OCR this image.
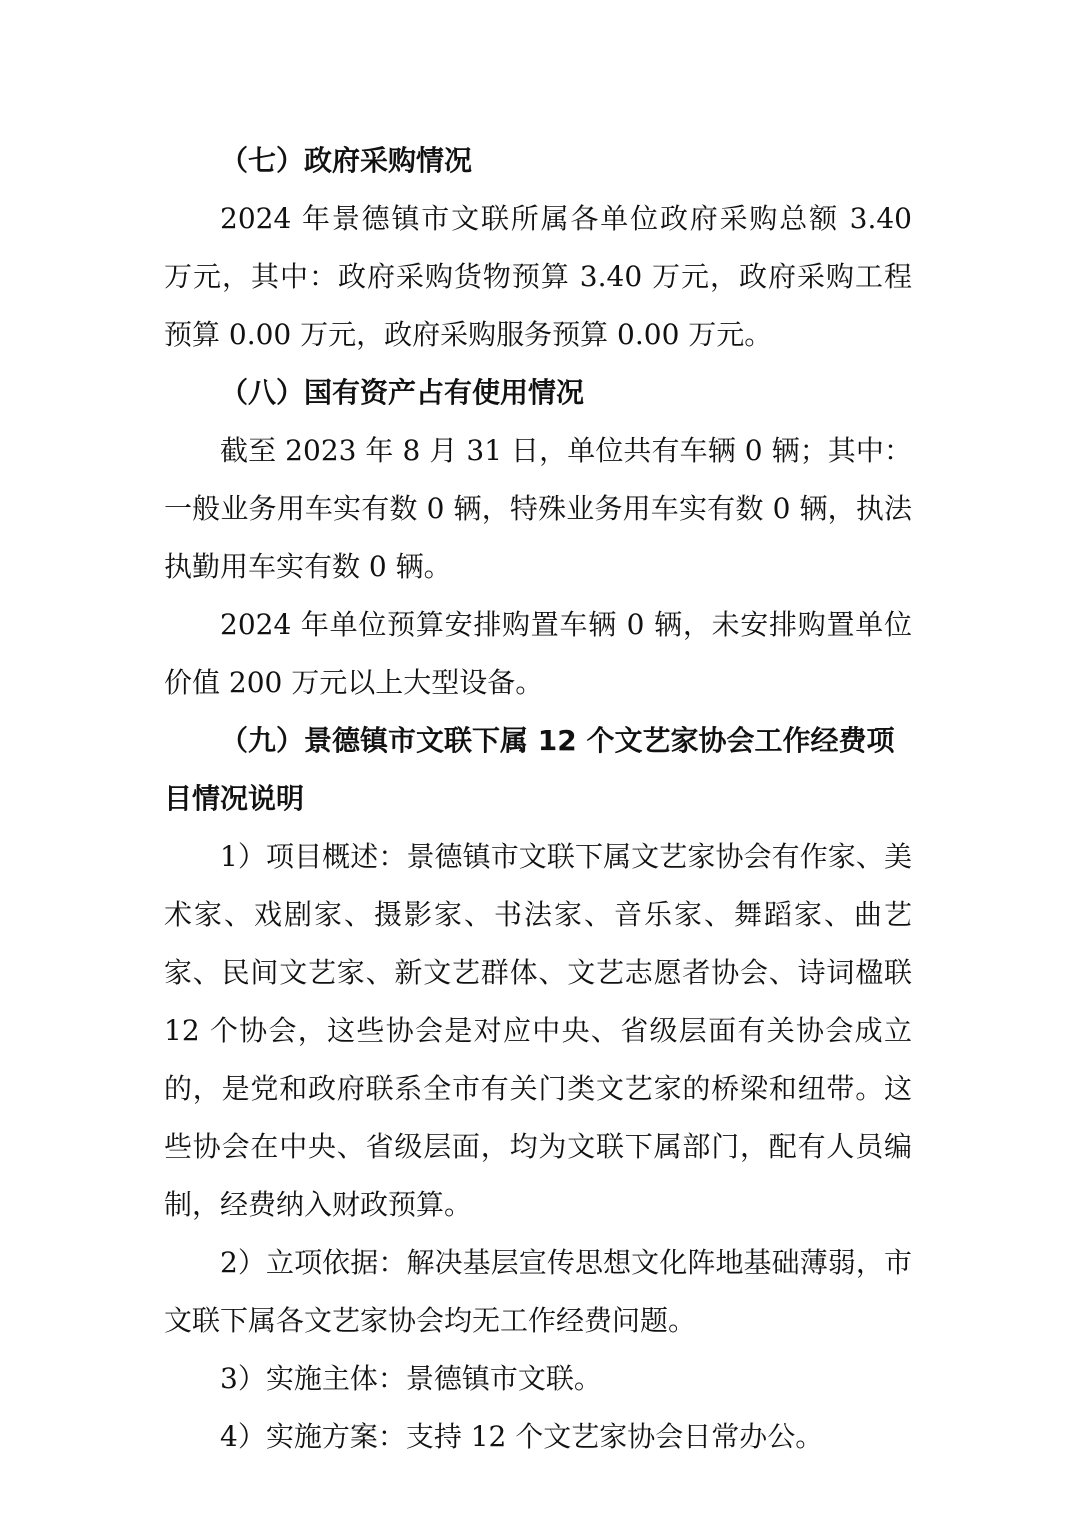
（七）政府采购情况

2024 年景德镇市文联所属各单位政府采购总额 3.40 万元，其中：政府采购货物预算 3.40 万元，政府采购工程预算 0.00 万元，政府采购服务预算 0.00 万元。

（八）国有资产占有使用情况

截至 2023 年 8 月 31 日，单位共有车辆 0 辆；其中：一般业务用车实有数 0 辆，特殊业务用车实有数 0 辆，执法执勤用车实有数 0 辆。

2024 年单位预算安排购置车辆 0 辆，未安排购置单位价值 200 万元以上大型设备。

（九）景德镇市文联下属 12 个文艺家协会工作经费项目情况说明

1）项目概述：景德镇市文联下属文艺家协会有作家、美术家、戏剧家、摄影家、书法家、音乐家、舞蹈家、曲艺家、民间文艺家、新文艺群体、文艺志愿者协会、诗词楹联 12 个协会，这些协会是对应中央、省级层面有关协会成立的，是党和政府联系全市有关门类文艺家的桥梁和纽带。这些协会在中央、省级层面，均为文联下属部门，配有人员编制，经费纳入财政预算。

2）立项依据：解决基层宣传思想文化阵地基础薄弱，市文联下属各文艺家协会均无工作经费问题。

3）实施主体：景德镇市文联。

4）实施方案：支持 12 个文艺家协会日常办公。
